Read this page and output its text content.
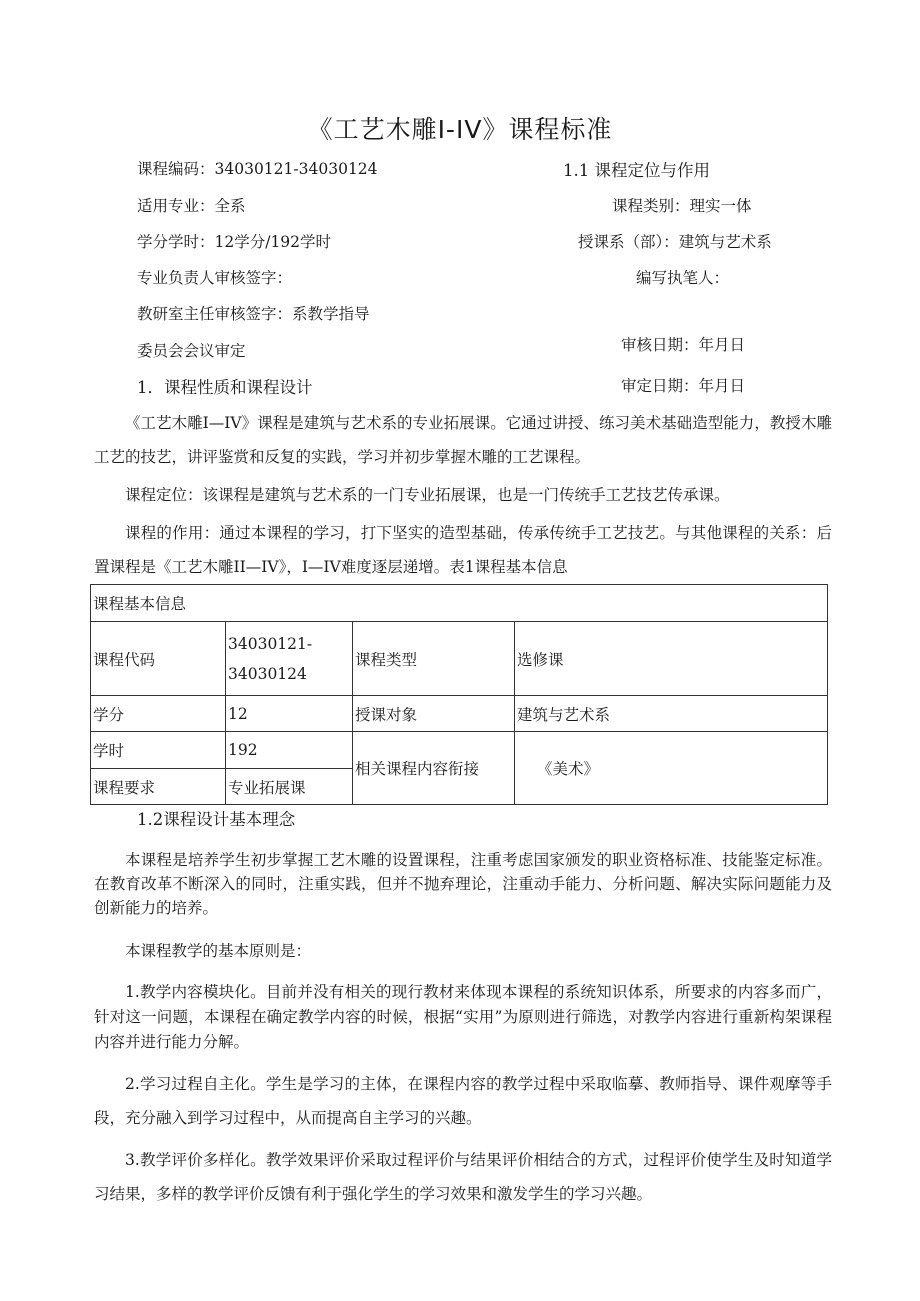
《工艺木雕I-IV》课程标准
课程编码：34030121-34030124
适用专业：全系
学分学时：12学分/192学时
专业负责人审核签字：
教研室主任审核签字：系教学指导
委员会会议审定
1．课程性质和课程设计
1.1 课程定位与作用
课程类别：理实一体
授课系（部）：建筑与艺术系
编写执笔人：
审核日期：年月日
审定日期：年月日

《工艺木雕I—IV》课程是建筑与艺术系的专业拓展课。它通过讲授、练习美术基础造型能力，教授木雕工艺的技艺，讲评鉴赏和反复的实践，学习并初步掌握木雕的工艺课程。

课程定位：该课程是建筑与艺术系的一门专业拓展课，也是一门传统手工艺技艺传承课。

课程的作用：通过本课程的学习，打下坚实的造型基础，传承传统手工艺技艺。与其他课程的关系：后置课程是《工艺木雕II—IV》，I—IV难度逐层递增。表1课程基本信息

课程基本信息			
课程代码	34030121-
34030124	课程类型	选修课
学分	12	授课对象	建筑与艺术系
学时	192	相关课程内容衔接	《美术》
课程要求	专业拓展课		
1.2课程设计基本理念

本课程是培养学生初步掌握工艺木雕的设置课程，注重考虑国家颁发的职业资格标准、技能鉴定标准。在教育改革不断深入的同时，注重实践，但并不抛弃理论，注重动手能力、分析问题、解决实际问题能力及创新能力的培养。

本课程教学的基本原则是：

1.教学内容模块化。目前并没有相关的现行教材来体现本课程的系统知识体系，所要求的内容多而广，针对这一问题，本课程在确定教学内容的时候，根据“实用”为原则进行筛选，对教学内容进行重新构架课程内容并进行能力分解。

2.学习过程自主化。学生是学习的主体，在课程内容的教学过程中采取临摹、教师指导、课件观摩等手段，充分融入到学习过程中，从而提高自主学习的兴趣。

3.教学评价多样化。教学效果评价采取过程评价与结果评价相结合的方式，过程评价使学生及时知道学习结果，多样的教学评价反馈有利于强化学生的学习效果和激发学生的学习兴趣。
